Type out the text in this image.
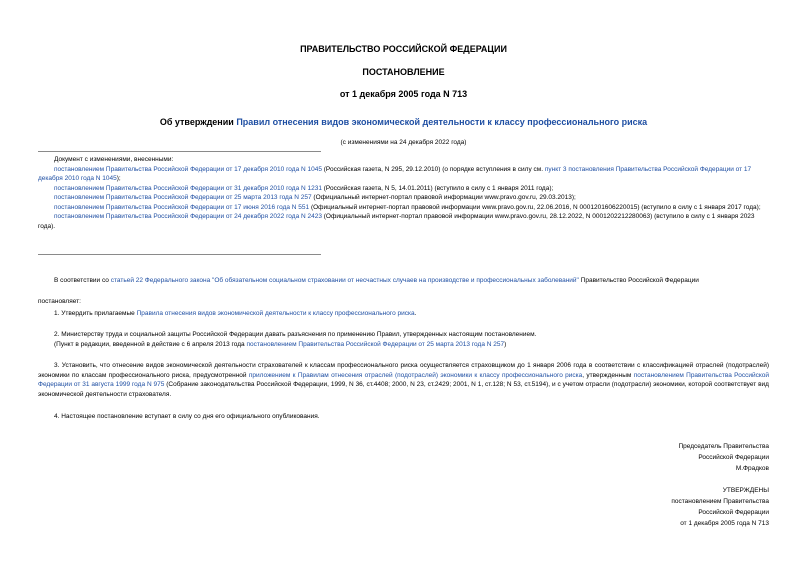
ПРАВИТЕЛЬСТВО РОССИЙСКОЙ ФЕДЕРАЦИИ
ПОСТАНОВЛЕНИЕ
от 1 декабря 2005 года N 713
Об утверждении Правил отнесения видов экономической деятельности к классу профессионального риска
(с изменениями на 24 декабря 2022 года)

Документ с изменениями, внесенными:

постановлением Правительства Российской Федерации от 17 декабря 2010 года N 1045 (Российская газета, N 295, 29.12.2010) (о порядке вступления в силу см. пункт 3 постановления Правительства Российской Федерации от 17 декабря 2010 года N 1045);

постановлением Правительства Российской Федерации от 31 декабря 2010 года N 1231 (Российская газета, N 5, 14.01.2011) (вступило в силу с 1 января 2011 года);

постановлением Правительства Российской Федерации от 25 марта 2013 года N 257 (Официальный интернет-портал правовой информации www.pravo.gov.ru, 29.03.2013);

постановлением Правительства Российской Федерации от 17 июня 2016 года N 551 (Официальный интернет-портал правовой информации www.pravo.gov.ru, 22.06.2016, N 0001201606220015) (вступило в силу с 1 января 2017 года);

постановлением Правительства Российской Федерации от 24 декабря 2022 года N 2423 (Официальный интернет-портал правовой информации www.pravo.gov.ru, 28.12.2022, N 0001202212280063) (вступило в силу с 1 января 2023 года).

В соответствии со статьей 22 Федерального закона "Об обязательном социальном страховании от несчастных случаев на производстве и профессиональных заболеваний" Правительство Российской Федерации

постановляет:

1. Утвердить прилагаемые Правила отнесения видов экономической деятельности к классу профессионального риска.

2. Министерству труда и социальной защиты Российской Федерации давать разъяснения по применению Правил, утвержденных настоящим постановлением.

(Пункт в редакции, введенной в действие с 6 апреля 2013 года постановлением Правительства Российской Федерации от 25 марта 2013 года N 257)

3. Установить, что отнесение видов экономической деятельности страхователей к классам профессионального риска осуществляется страховщиком до 1 января 2006 года в соответствии с классификацией отраслей (подотраслей) экономики по классам профессионального риска, предусмотренной приложением к Правилам отнесения отраслей (подотраслей) экономики к классу профессионального риска, утвержденным постановлением Правительства Российской Федерации от 31 августа 1999 года N 975 (Собрание законодательства Российской Федерации, 1999, N 36, ст.4408; 2000, N 23, ст.2429; 2001, N 1, ст.128; N 53, ст.5194), и с учетом отрасли (подотрасли) экономики, которой соответствует вид экономической деятельности страхователя.

4. Настоящее постановление вступает в силу со дня его официального опубликования.

Председатель Правительства
Российской Федерации
М.Фрадков
УТВЕРЖДЕНЫ
постановлением Правительства
Российской Федерации
от 1 декабря 2005 года N 713
